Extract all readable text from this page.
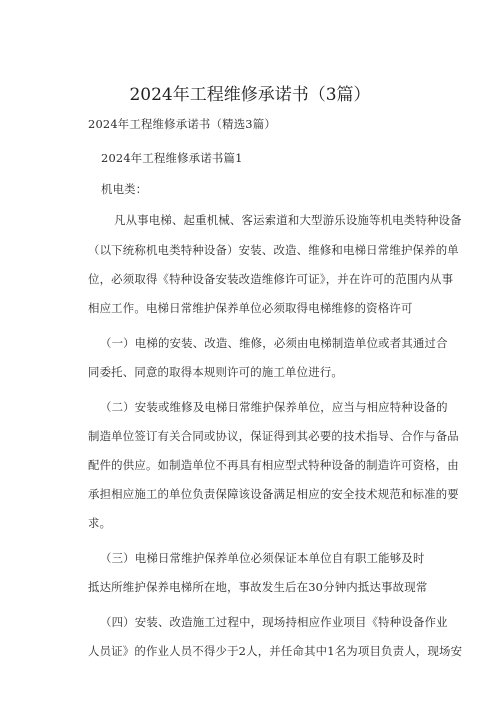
2024年工程维修承诺书（3篇）
2024年工程维修承诺书（精选3篇）
2024年工程维修承诺书篇1
机电类：
凡从事电梯、起重机械、客运索道和大型游乐设施等机电类特种设备
（以下统称机电类特种设备）安装、改造、维修和电梯日常维护保养的单
位，必须取得《特种设备安装改造维修许可证》，并在许可的范围内从事
相应工作。电梯日常维护保养单位必须取得电梯维修的资格许可
（一）电梯的安装、改造、维修，必须由电梯制造单位或者其通过合
同委托、同意的取得本规则许可的施工单位进行。
（二）安装或维修及电梯日常维护保养单位，应当与相应特种设备的
制造单位签订有关合同或协议，保证得到其必要的技术指导、合作与备品
配件的供应。如制造单位不再具有相应型式特种设备的制造许可资格，由
承担相应施工的单位负责保障该设备满足相应的安全技术规范和标准的要
求。
（三）电梯日常维护保养单位必须保证本单位自有职工能够及时
抵达所维护保养电梯所在地，事故发生后在30分钟内抵达事故现常
（四）安装、改造施工过程中，现场持相应作业项目《特种设备作业
人员证》的作业人员不得少于2人，并任命其中1名为项目负责人，现场安
